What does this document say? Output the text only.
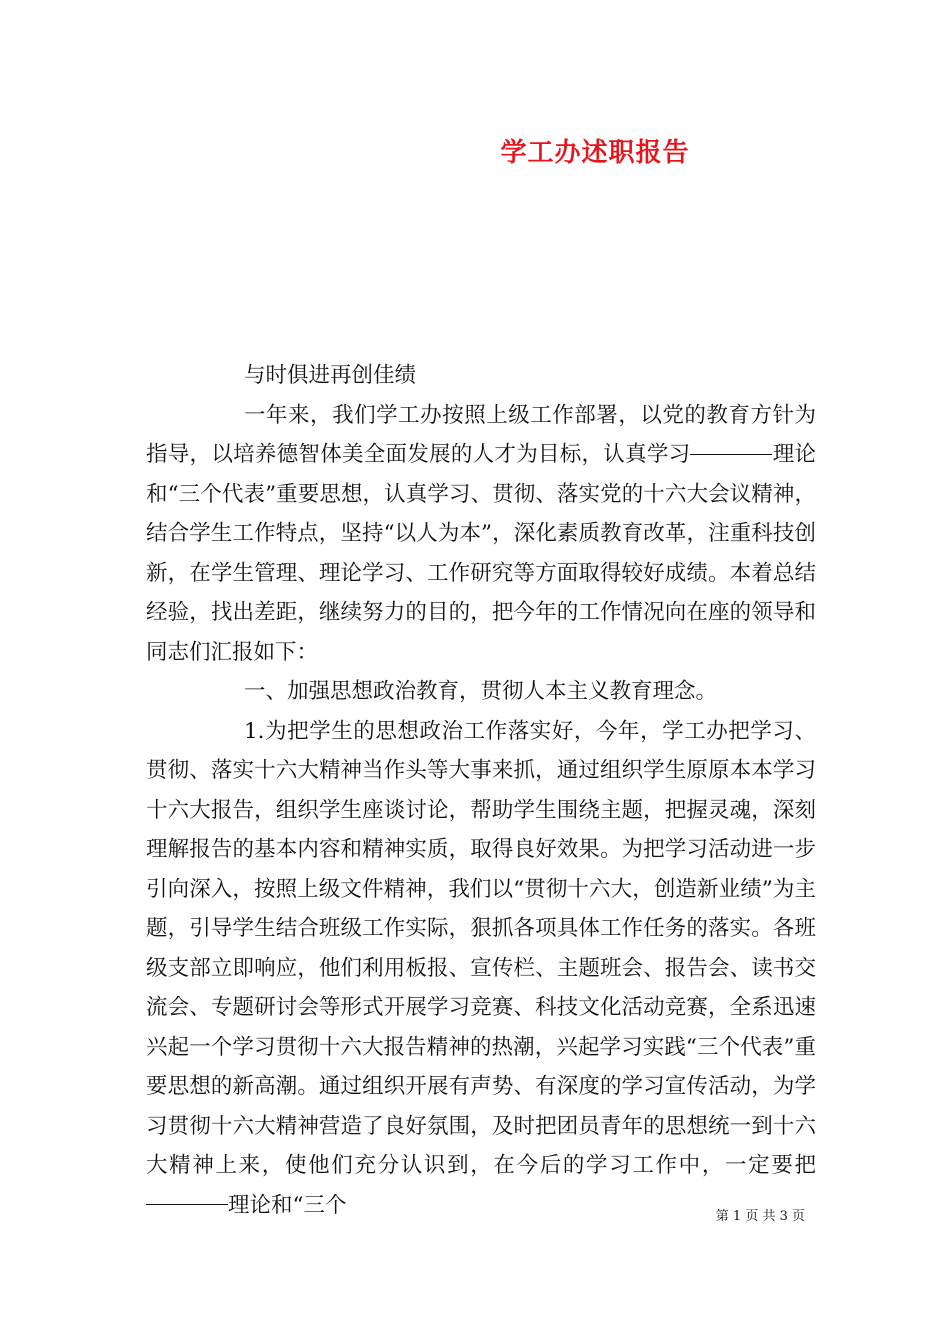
学工办述职报告

与时俱进再创佳绩

一年来，我们学工办按照上级工作部署，以党的教育方针为指导，以培养德智体美全面发展的人才为目标，认真学习	理论和“三个代表”重要思想，认真学习、贯彻、落实党的十六大会议精神，结合学生工作特点，坚持“以人为本”，深化素质教育改革，注重科技创新，在学生管理、理论学习、工作研究等方面取得较好成绩。本着总结经验，找出差距，继续努力的目的，把今年的工作情况向在座的领导和同志们汇报如下：

一、加强思想政治教育，贯彻人本主义教育理念。

1.为把学生的思想政治工作落实好，今年，学工办把学习、贯彻、落实十六大精神当作头等大事来抓，通过组织学生原原本本学习十六大报告，组织学生座谈讨论，帮助学生围绕主题，把握灵魂，深刻理解报告的基本内容和精神实质，取得良好效果。为把学习活动进一步引向深入，按照上级文件精神，我们以“贯彻十六大，创造新业绩”为主题，引导学生结合班级工作实际，狠抓各项具体工作任务的落实。各班级支部立即响应，他们利用板报、宣传栏、主题班会、报告会、读书交流会、专题研讨会等形式开展学习竞赛、科技文化活动竞赛，全系迅速兴起一个学习贯彻十六大报告精神的热潮，兴起学习实践“三个代表”重要思想的新高潮。通过组织开展有声势、有深度的学习宣传活动，为学习贯彻十六大精神营造了良好氛围，及时把团员青年的思想统一到十六大精神上来，使他们充分认识到，在今后的学习工作中，一定要把理论和“三个	第 1 页 共 3 页
